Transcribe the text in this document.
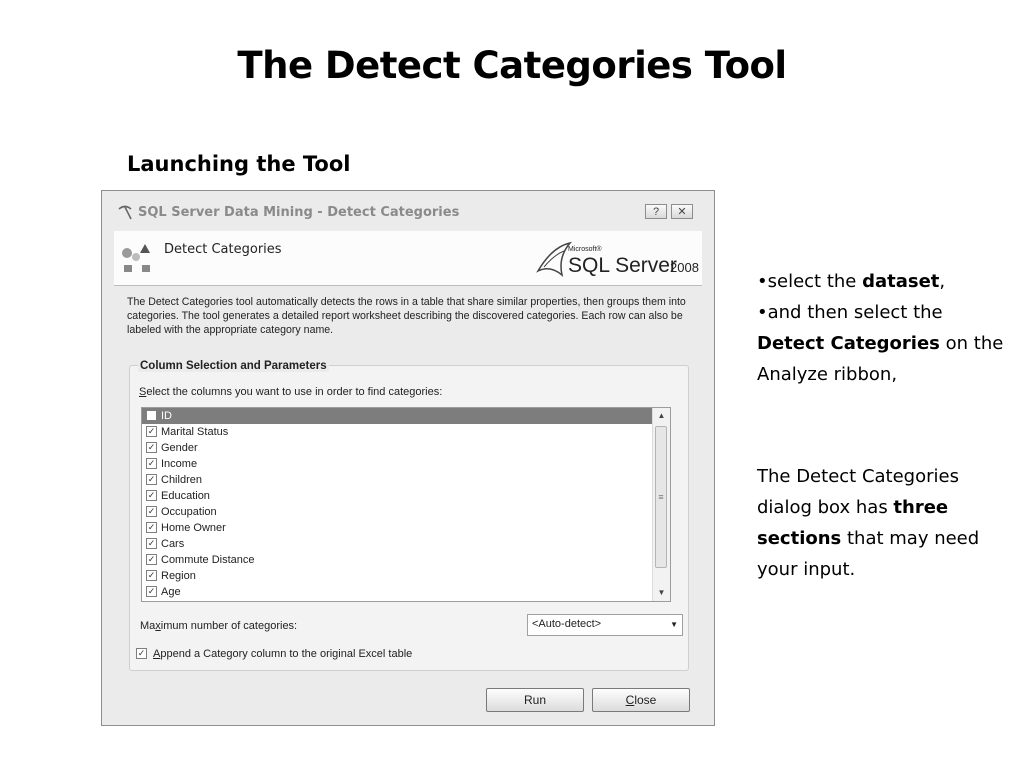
The Detect Categories Tool
Launching the Tool
SQL Server Data Mining - Detect Categories	?	✕
Detect Categories	Microsoft®
SQL Server
2008
The Detect Categories tool automatically detects the rows in a table that share similar properties, then groups them into categories. The tool generates a detailed report worksheet describing the discovered categories. Each row can also be labeled with the appropriate category name.
Column Selection and Parameters
Select the columns you want to use in order to find categories:
ID
✓ Marital Status
✓ Gender
✓ Income
✓ Children
✓ Education
✓ Occupation
✓ Home Owner
✓ Cars
✓ Commute Distance
✓ Region
✓ Age
▲
≡
▼
Maximum number of categories:	<Auto-detect>	▼
✓ Append a Category column to the original Excel table
Run	Close

•select the dataset,

•and then select the Detect Categories on the Analyze ribbon,

The Detect Categories dialog box has three sections that may need your input.
